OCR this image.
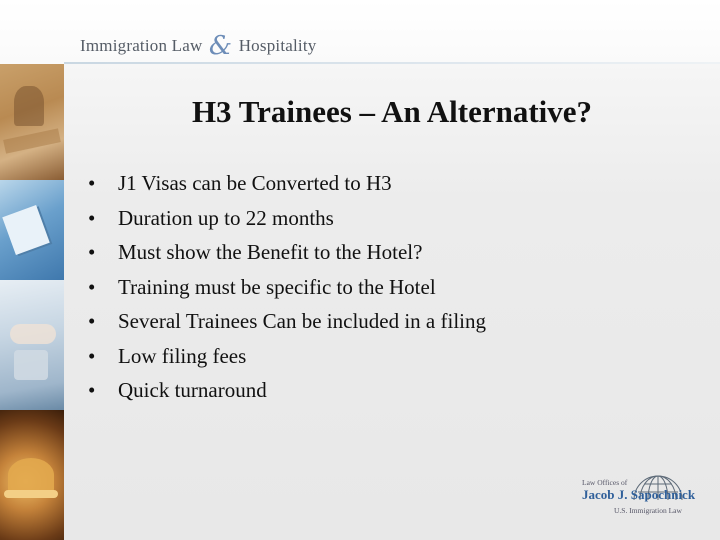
Immigration Law & Hospitality
H3 Trainees – An Alternative?
•	J1 Visas can be Converted to H3
•	Duration up to 22 months
•	Must show the Benefit to the Hotel?
•	Training must be specific to the Hotel
•	Several Trainees Can be included in a filing
•	Low filing fees
•	Quick turnaround
Law Offices of
Jacob J. Sapochnick
U.S. Immigration Law
